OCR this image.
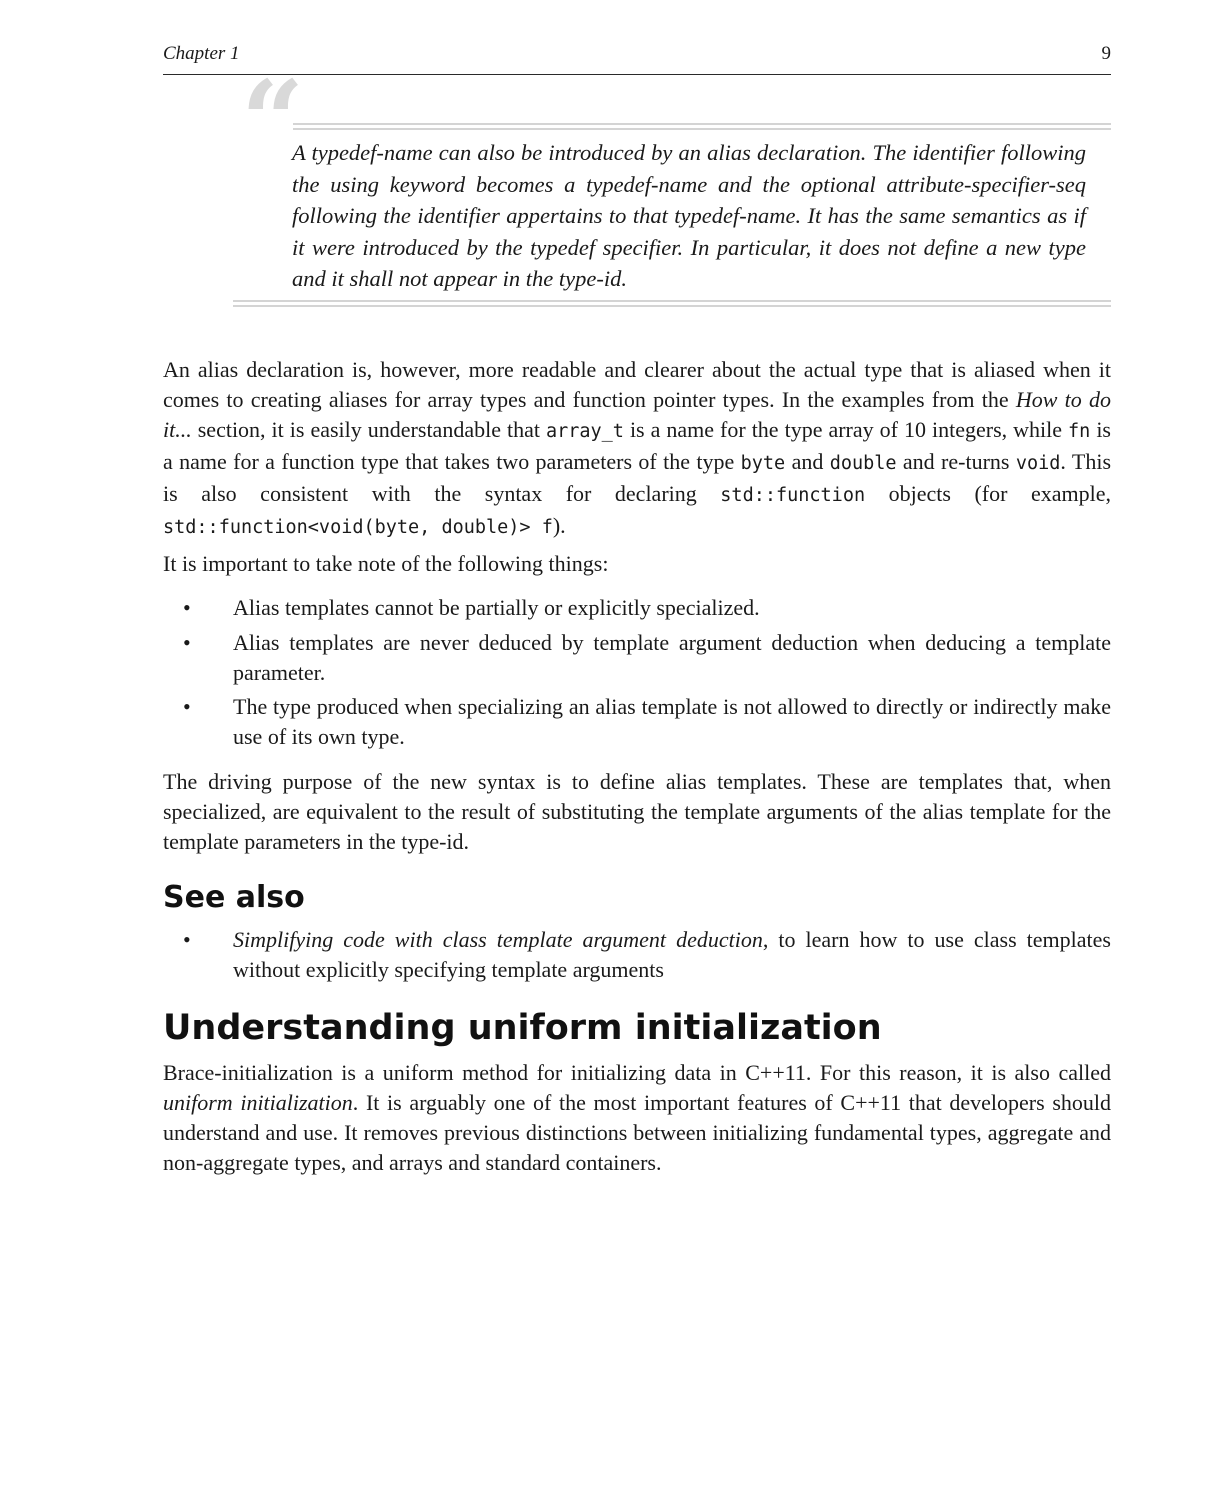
Chapter 1	9
“
A typedef-name can also be introduced by an alias declaration. The identifier following the using keyword becomes a typedef-name and the optional attribute-specifier-seq following the identifier appertains to that typedef-name. It has the same semantics as if it were introduced by the typedef specifier. In particular, it does not define a new type and it shall not appear in the type-id.

An alias declaration is, however, more readable and clearer about the actual type that is aliased when it comes to creating aliases for array types and function pointer types. In the examples from the How to do it... section, it is easily understandable that array_t is a name for the type array of 10 integers, while fn is a name for a function type that takes two parameters of the type byte and double and re-turns void. This is also consistent with the syntax for declaring std::function objects (for example, std::function<void(byte, double)> f).

It is important to take note of the following things:

• Alias templates cannot be partially or explicitly specialized.
• Alias templates are never deduced by template argument deduction when deducing a template parameter.
• The type produced when specializing an alias template is not allowed to directly or indirectly make use of its own type.

The driving purpose of the new syntax is to define alias templates. These are templates that, when specialized, are equivalent to the result of substituting the template arguments of the alias template for the template parameters in the type-id.

See also
• Simplifying code with class template argument deduction, to learn how to use class templates without explicitly specifying template arguments
Understanding uniform initialization

Brace-initialization is a uniform method for initializing data in C++11. For this reason, it is also called uniform initialization. It is arguably one of the most important features of C++11 that developers should understand and use. It removes previous distinctions between initializing fundamental types, aggregate and non-aggregate types, and arrays and standard containers.
